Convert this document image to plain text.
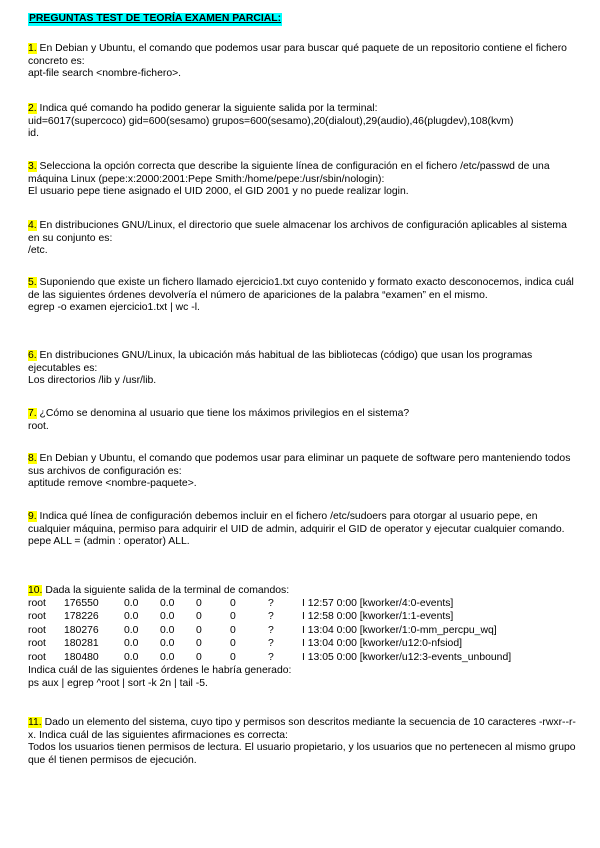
PREGUNTAS TEST DE TEORÍA EXAMEN PARCIAL:
1. En Debian y Ubuntu, el comando que podemos usar para buscar qué paquete de un repositorio contiene el fichero concreto es:
apt-file search <nombre-fichero>.
2. Indica qué comando ha podido generar la siguiente salida por la terminal:
uid=6017(supercoco) gid=600(sesamo) grupos=600(sesamo),20(dialout),29(audio),46(plugdev),108(kvm)
id.
3. Selecciona la opción correcta que describe la siguiente línea de configuración en el fichero /etc/passwd de una máquina Linux (pepe:x:2000:2001:Pepe Smith:/home/pepe:/usr/sbin/nologin):
El usuario pepe tiene asignado el UID 2000, el GID 2001 y no puede realizar login.
4. En distribuciones GNU/Linux, el directorio que suele almacenar los archivos de configuración aplicables al sistema en su conjunto es:
/etc.
5. Suponiendo que existe un fichero llamado ejercicio1.txt cuyo contenido y formato exacto desconocemos, indica cuál de las siguientes órdenes devolvería el número de apariciones de la palabra “examen” en el mismo.
egrep -o examen ejercicio1.txt | wc -l.
6. En distribuciones GNU/Linux, la ubicación más habitual de las bibliotecas (código) que usan los programas ejecutables es:
Los directorios /lib y /usr/lib.
7. ¿Cómo se denomina al usuario que tiene los máximos privilegios en el sistema?
root.
8. En Debian y Ubuntu, el comando que podemos usar para eliminar un paquete de software pero manteniendo todos sus archivos de configuración es:
aptitude remove <nombre-paquete>.
9. Indica qué línea de configuración debemos incluir en el fichero /etc/sudoers para otorgar al usuario pepe, en cualquier máquina, permiso para adquirir el UID de admin, adquirir el GID de operator y ejecutar cualquier comando.
pepe ALL = (admin : operator) ALL.
10. Dada la siguiente salida de la terminal de comandos:
root	176550	0.0	0.0	0	0	?	I 12:57 0:00 [kworker/4:0-events]
root	178226	0.0	0.0	0	0	?	I 12:58 0:00 [kworker/1:1-events]
root	180276	0.0	0.0	0	0	?	I 13:04 0:00 [kworker/1:0-mm_percpu_wq]
root	180281	0.0	0.0	0	0	?	I 13:04 0:00 [kworker/u12:0-nfsiod]
root	180480	0.0	0.0	0	0	?	I 13:05 0:00 [kworker/u12:3-events_unbound]
Indica cuál de las siguientes órdenes le habría generado:
ps aux | egrep ^root | sort -k 2n | tail -5.
11. Dado un elemento del sistema, cuyo tipo y permisos son descritos mediante la secuencia de 10 caracteres -rwxr--r-x. Indica cuál de las siguientes afirmaciones es correcta:
Todos los usuarios tienen permisos de lectura. El usuario propietario, y los usuarios que no pertenecen al mismo grupo que él tienen permisos de ejecución.
